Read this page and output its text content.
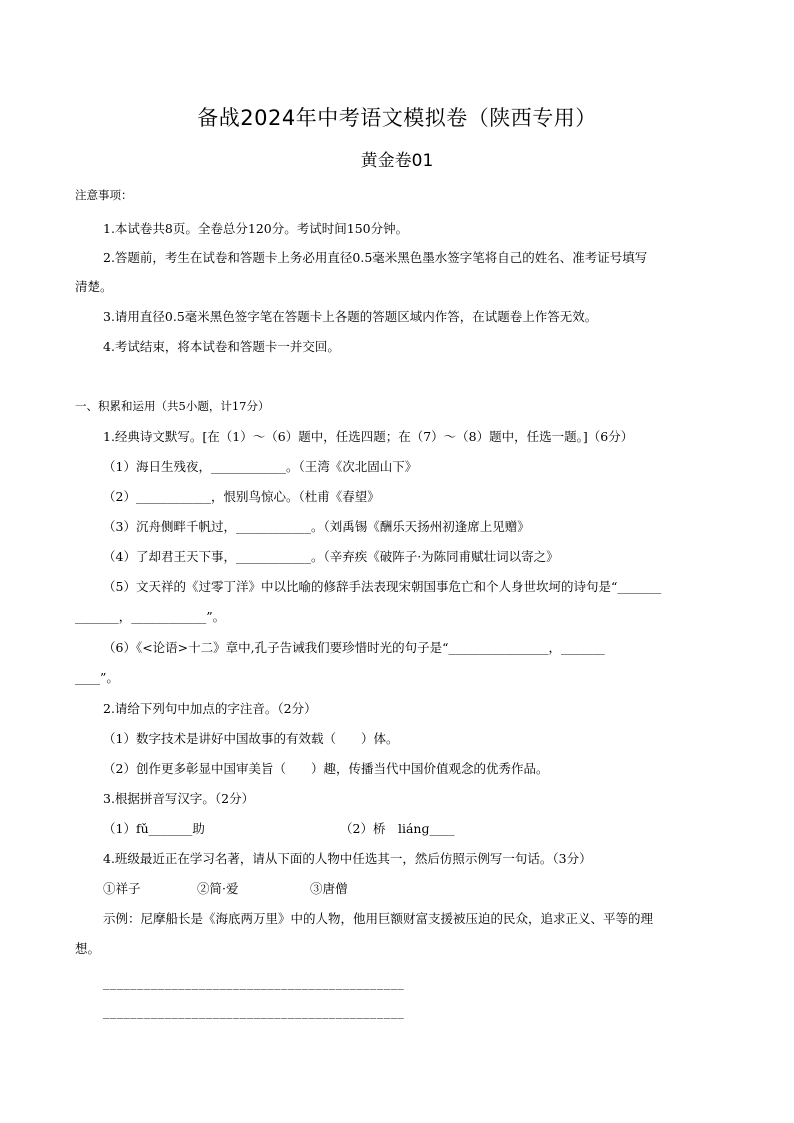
备战2024年中考语文模拟卷（陕西专用）
黄金卷01
注意事项：
1.本试卷共8页。全卷总分120分。考试时间150分钟。
2.答题前，考生在试卷和答题卡上务必用直径0.5毫米黑色墨水签字笔将自己的姓名、准考证号填写
清楚。
3.请用直径0.5毫米黑色签字笔在答题卡上各题的答题区域内作答，在试题卷上作答无效。
4.考试结束，将本试卷和答题卡一并交回。
一、积累和运用（共5小题，计17分）
1.经典诗文默写。[在（1）～（6）题中，任选四题；在（7）～（8）题中，任选一题。]（6分）
（1）海日生残夜，____________。（王湾《次北固山下》
（2）____________，恨别鸟惊心。（杜甫《春望》
（3）沉舟侧畔千帆过，____________。（刘禹锡《酬乐天扬州初逢席上见赠》
（4）了却君王天下事，____________。（辛弃疾《破阵子·为陈同甫赋壮词以寄之》
（5）文天祥的《过零丁洋》中以比喻的修辞手法表现宋朝国事危亡和个人身世坎坷的诗句是“_______
_______，____________”。
（6）《<论语>十二》章中,孔子告诫我们要珍惜时光的句子是“________________，_______
____”。
2.请给下列句中加点的字注音。（2分）
（1）数字技术是讲好中国故事的有效载（　　）体。
（2）创作更多彰显中国审美旨（　　）趣，传播当代中国价值观念的优秀作品。
3.根据拼音写汉字。（2分）
（1）fǔ_______助	（2）桥　liánɡ____
4.班级最近正在学习名著，请从下面的人物中任选其一，然后仿照示例写一句话。（3分）
①祥子	②简·爱	③唐僧
示例：尼摩船长是《海底两万里》中的人物，他用巨额财富支援被压迫的民众，追求正义、平等的理
想。
____________________________________________
____________________________________________
